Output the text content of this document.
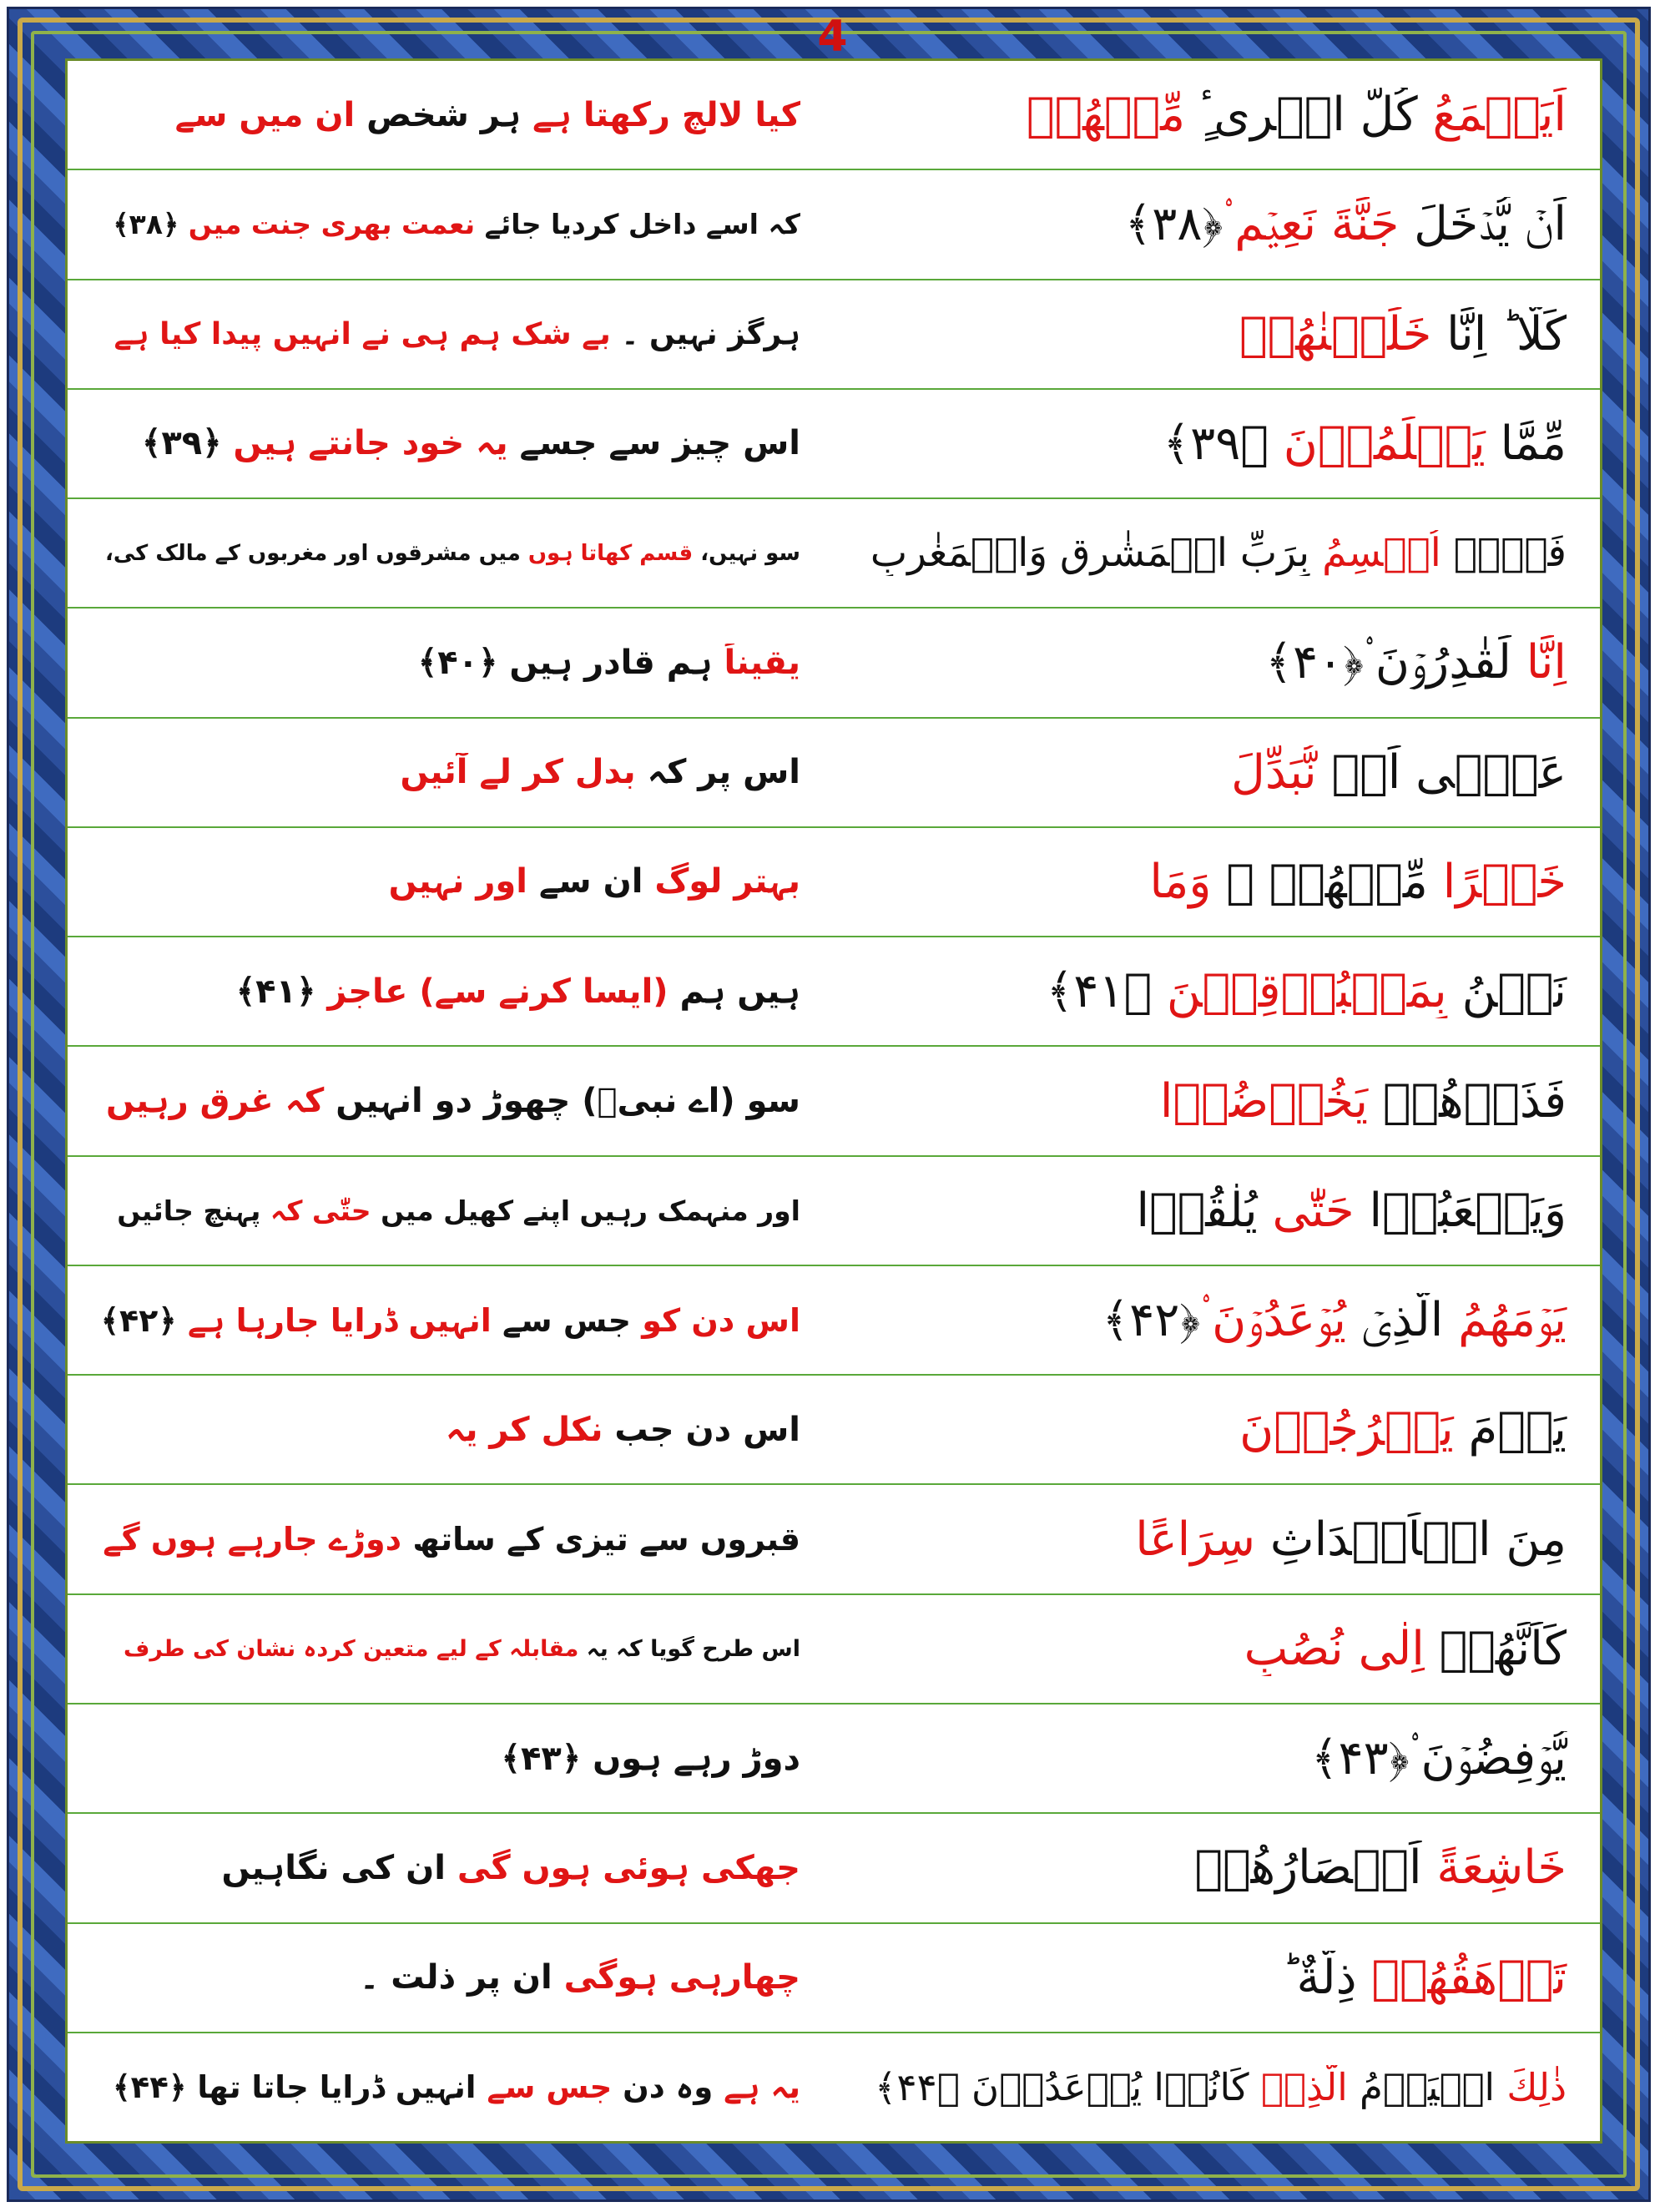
4
کیا لالچ رکھتا ہے ہر شخص ان میں سے	اَيَطۡمَعُ كُلُّ امۡرِیٴٍ مِّنۡهُمۡ
کہ اسے داخل کردیا جائے نعمت بھری جنت میں ﴿۳۸﴾	اَنۡ يُّدۡخَلَ جَنَّةَ نَعِيۡمٍ ۟﴿۳۸﴾
ہرگز نہیں ۔ بے شک ہم ہی نے انہیں پیدا کیا ہے	كَلَّا ؕ اِنَّا خَلَقۡنٰهُمۡ
اس چیز سے جسے یہ خود جانتے ہیں ﴿۳۹﴾	مِّمَّا يَعۡلَمُوۡنَ ﴿۳۹﴾
سو نہیں، قسم کھاتا ہوں میں مشرقوں اور مغربوں کے مالک کی،	فَلَاۤ اُقۡسِمُ بِرَبِّ الۡمَشٰرِقِ وَالۡمَغٰرِبِ
یقیناً ہم قادر ہیں ﴿۴۰﴾	اِنَّا لَقٰدِرُوۡنَ ۟﴿۴۰﴾
اس پر کہ بدل کر لے آئیں	عَلٰۤى اَنۡ نُّبَدِّلَ
بہتر لوگ ان سے اور نہیں	خَيۡرًا مِّنۡهُمۡ ۙ وَمَا
ہیں ہم (ایسا کرنے سے) عاجز ﴿۴۱﴾	نَحۡنُ بِمَسۡبُوۡقِيۡنَ ﴿۴۱﴾
سو (اے نبیؐ) چھوڑ دو انہیں کہ غرق رہیں	فَذَرۡهُمۡ يَخُوۡضُوۡا
اور منہمک رہیں اپنے کھیل میں حتّٰی کہ پہنچ جائیں	وَيَلۡعَبُوۡا حَتّٰى يُلٰقُوۡا
اس دن کو جس سے انہیں ڈرایا جارہا ہے ﴿۴۲﴾	يَوۡمَهُمُ الَّذِىۡ يُوۡعَدُوۡنَ ۟﴿۴۲﴾
اس دن جب نکل کر یہ	يَوۡمَ يَخۡرُجُوۡنَ
قبروں سے تیزی کے ساتھ دوڑے جارہے ہوں گے	مِنَ الۡاَجۡدَاثِ سِرَاعًا
اس طرح گویا کہ یہ مقابلہ کے لیے متعین کردہ نشان کی طرف	كَاَنَّهُمۡ اِلٰى نُصُبٍ
دوڑ رہے ہوں ﴿۴۳﴾	يُّوۡفِضُوۡنَ ۟﴿۴۳﴾
جھکی ہوئی ہوں گی ان کی نگاہیں	خَاشِعَةً اَبۡصَارُهُمۡ
چھارہی ہوگی ان پر ذلت ۔	تَرۡهَقُهُمۡ ذِلَّةٌ ؕ
یہ ہے وہ دن جس سے انہیں ڈرایا جاتا تھا ﴿۴۴﴾	ذٰلِكَ الۡيَوۡمُ الَّذِىۡ كَانُوۡا يُوۡعَدُوۡنَ ﴿۴۴﴾
